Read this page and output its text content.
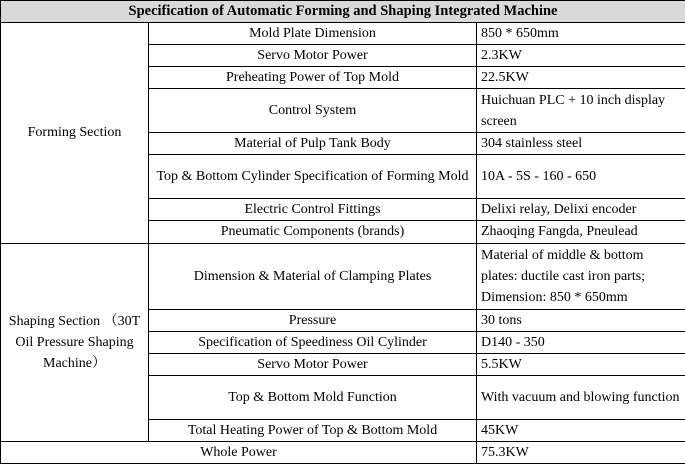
Specification of Automatic Forming and Shaping Integrated Machine		
Forming Section	Mold Plate Dimension	850 * 650mm
	Servo Motor Power	2.3KW
	Preheating Power of Top Mold	22.5KW
	Control System	Huichuan PLC + 10 inch display screen
	Material of Pulp Tank Body	304 stainless steel
	Top & Bottom Cylinder Specification of Forming Mold	10A - 5S - 160 - 650
	Electric Control Fittings	Delixi relay, Delixi encoder
	Pneumatic Components (brands)	Zhaoqing Fangda, Pneulead
Shaping Section （30T Oil Pressure Shaping Machine）	Dimension & Material of Clamping Plates	Material of middle & bottom plates: ductile cast iron parts; Dimension: 850 * 650mm
	Pressure	30 tons
	Specification of Speediness Oil Cylinder	D140 - 350
	Servo Motor Power	5.5KW
	Top & Bottom Mold Function	With vacuum and blowing function
	Total Heating Power of Top & Bottom Mold	45KW
Whole Power		75.3KW
